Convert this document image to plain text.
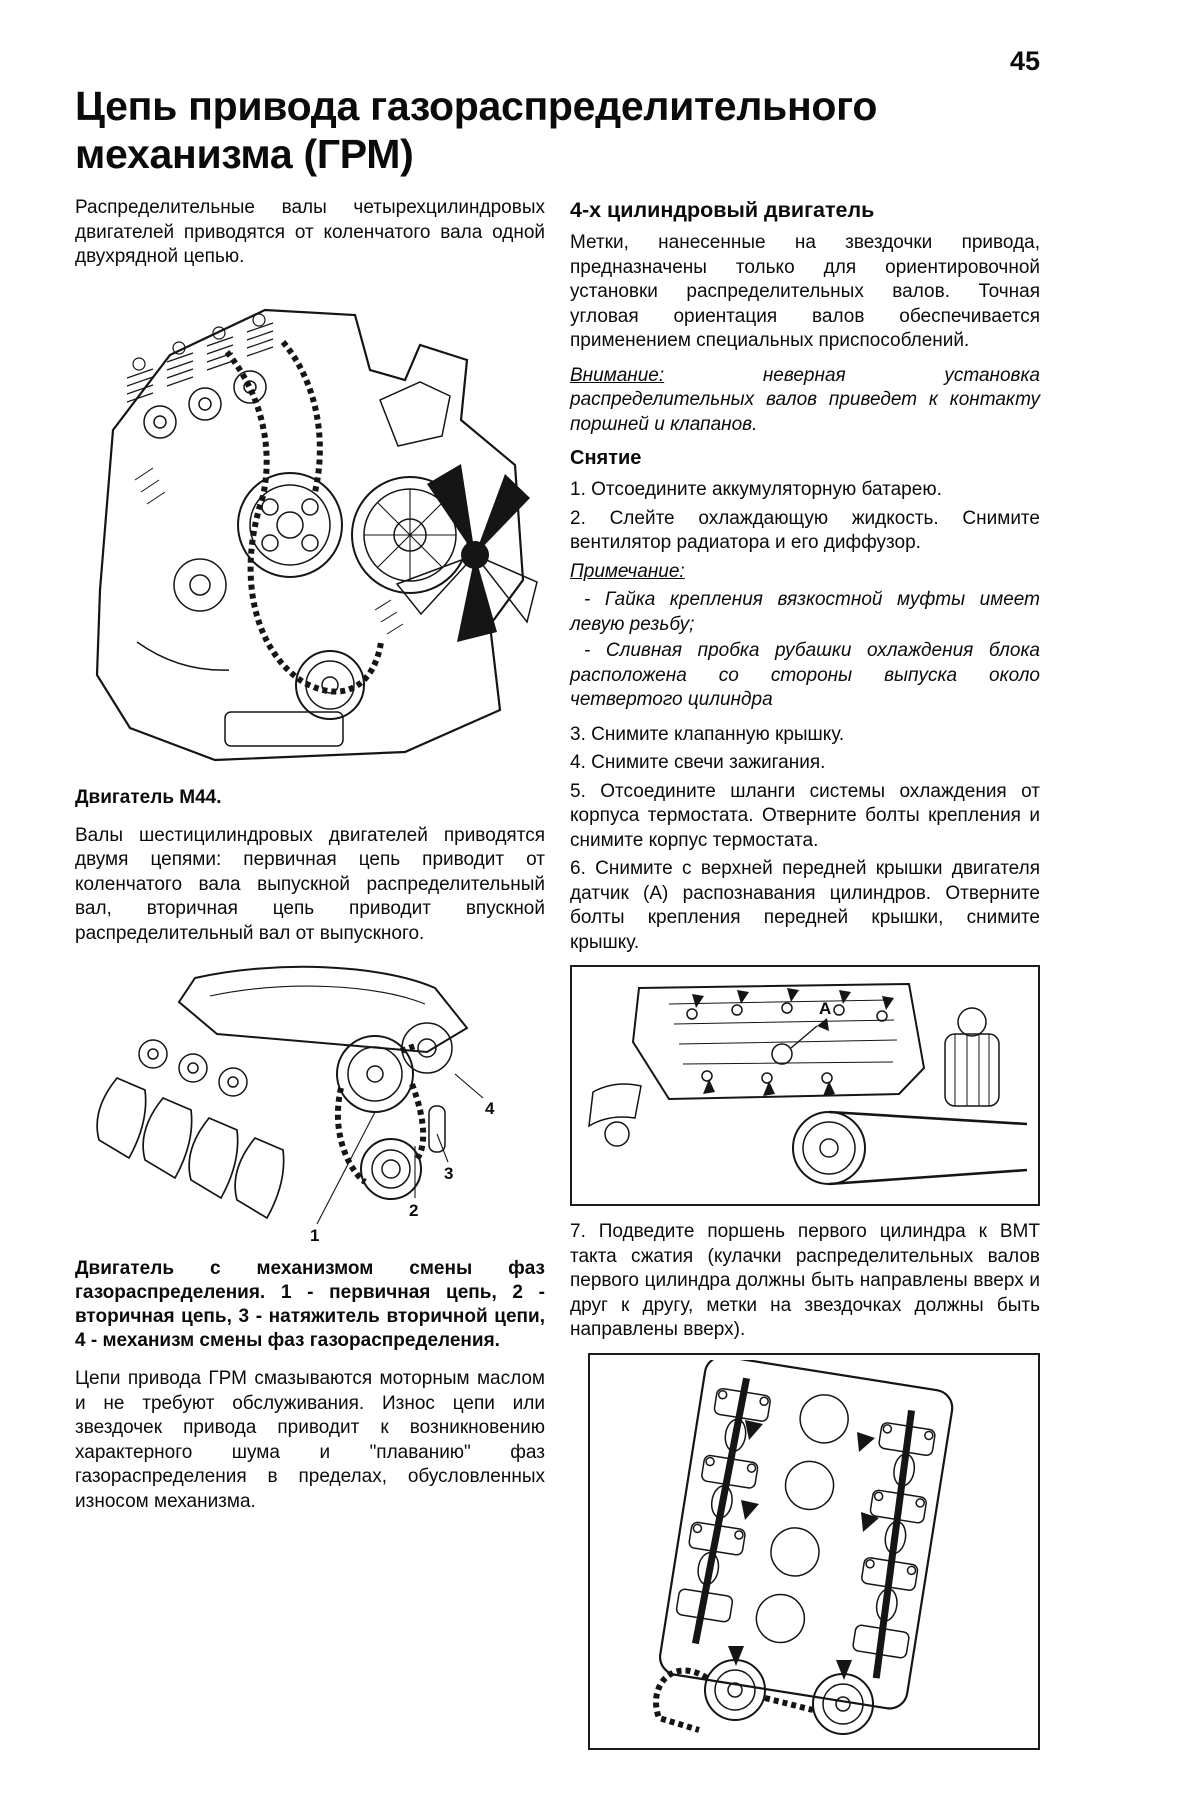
45
Цепь привода газораспределительного механизма (ГРМ)

Распределительные валы четырехцилиндровых двигателей приводятся от коленчатого вала одной двухрядной цепью.

Двигатель М44.

Валы шестицилиндровых двигателей приводятся двумя цепями: первичная цепь приводит от коленчатого вала выпускной распределительный вал, вторичная цепь приводит впускной распределительный вал от выпускного.

1
2
3
4

Двигатель с механизмом смены фаз газораспределения. 1 - первичная цепь, 2 - вторичная цепь, 3 - натяжитель вторичной цепи, 4 - механизм смены фаз газораспределения.

Цепи привода ГРМ смазываются моторным маслом и не требуют обслуживания. Износ цепи или звездочек привода приводит к возникновению характерного шума и "плаванию" фаз газораспределения в пределах, обусловленных износом механизма.

4-х цилиндровый двигатель

Метки, нанесенные на звездочки привода, предназначены только для ориентировочной установки распределительных валов. Точная угловая ориентация валов обеспечивается применением специальных приспособлений.

Внимание: неверная установка распределительных валов приведет к контакту поршней и клапанов.

Снятие

1. Отсоедините аккумуляторную батарею.

2. Слейте охлаждающую жидкость. Снимите вентилятор радиатора и его диффузор.

Примечание:

- Гайка крепления вязкостной муфты имеет левую резьбу;

- Сливная пробка рубашки охлаждения блока расположена со стороны выпуска около четвертого цилиндра

3. Снимите клапанную крышку.

4. Снимите свечи зажигания.

5. Отсоедините шланги системы охлаждения от корпуса термостата. Отверните болты крепления и снимите корпус термостата.

6. Снимите с верхней передней крышки двигателя датчик (А) распознавания цилиндров. Отверните болты крепления передней крышки, снимите крышку.

А

7. Подведите поршень первого цилиндра к ВМТ такта сжатия (кулачки распределительных валов первого цилиндра должны быть направлены вверх и друг к другу, метки на звездочках должны быть направлены вверх).
